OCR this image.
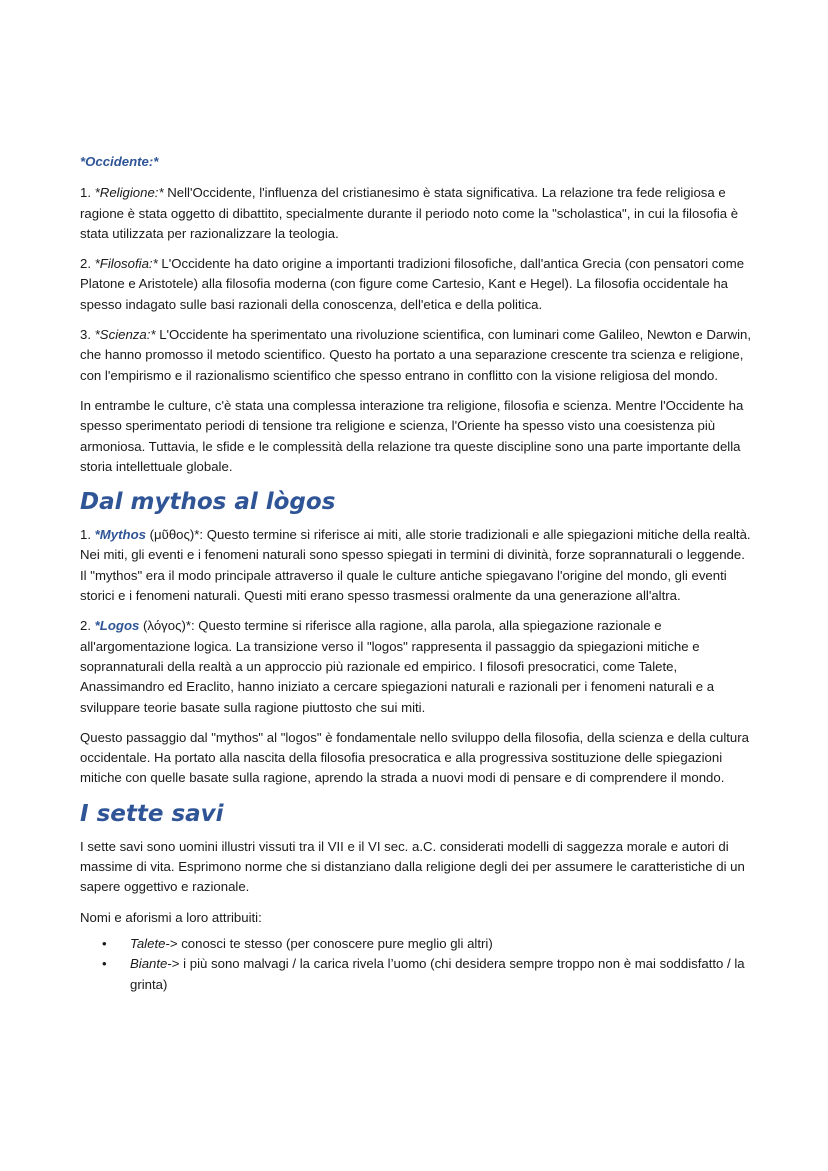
*Occidente:*

1. *Religione:* Nell'Occidente, l'influenza del cristianesimo è stata significativa. La relazione tra fede religiosa e ragione è stata oggetto di dibattito, specialmente durante il periodo noto come la "scholastica", in cui la filosofia è stata utilizzata per razionalizzare la teologia.

2. *Filosofia:* L'Occidente ha dato origine a importanti tradizioni filosofiche, dall'antica Grecia (con pensatori come Platone e Aristotele) alla filosofia moderna (con figure come Cartesio, Kant e Hegel). La filosofia occidentale ha spesso indagato sulle basi razionali della conoscenza, dell'etica e della politica.

3. *Scienza:* L'Occidente ha sperimentato una rivoluzione scientifica, con luminari come Galileo, Newton e Darwin, che hanno promosso il metodo scientifico. Questo ha portato a una separazione crescente tra scienza e religione, con l'empirismo e il razionalismo scientifico che spesso entrano in conflitto con la visione religiosa del mondo.

In entrambe le culture, c'è stata una complessa interazione tra religione, filosofia e scienza. Mentre l'Occidente ha spesso sperimentato periodi di tensione tra religione e scienza, l'Oriente ha spesso visto una coesistenza più armoniosa. Tuttavia, le sfide e le complessità della relazione tra queste discipline sono una parte importante della storia intellettuale globale.

Dal mythos al lògos

1. *Mythos (μῦθος)*: Questo termine si riferisce ai miti, alle storie tradizionali e alle spiegazioni mitiche della realtà. Nei miti, gli eventi e i fenomeni naturali sono spesso spiegati in termini di divinità, forze soprannaturali o leggende. Il "mythos" era il modo principale attraverso il quale le culture antiche spiegavano l'origine del mondo, gli eventi storici e i fenomeni naturali. Questi miti erano spesso trasmessi oralmente da una generazione all'altra.

2. *Logos (λόγος)*: Questo termine si riferisce alla ragione, alla parola, alla spiegazione razionale e all'argomentazione logica. La transizione verso il "logos" rappresenta il passaggio da spiegazioni mitiche e soprannaturali della realtà a un approccio più razionale ed empirico. I filosofi presocratici, come Talete, Anassimandro ed Eraclito, hanno iniziato a cercare spiegazioni naturali e razionali per i fenomeni naturali e a sviluppare teorie basate sulla ragione piuttosto che sui miti.

Questo passaggio dal "mythos" al "logos" è fondamentale nello sviluppo della filosofia, della scienza e della cultura occidentale. Ha portato alla nascita della filosofia presocratica e alla progressiva sostituzione delle spiegazioni mitiche con quelle basate sulla ragione, aprendo la strada a nuovi modi di pensare e di comprendere il mondo.

I sette savi

I sette savi sono uomini illustri vissuti tra il VII e il VI sec. a.C. considerati modelli di saggezza morale e autori di massime di vita. Esprimono norme che si distanziano dalla religione degli dei per assumere le caratteristiche di un sapere oggettivo e razionale.

Nomi e aforismi a loro attribuiti:

• Talete-> conosci te stesso (per conoscere pure meglio gli altri)
• Biante-> i più sono malvagi / la carica rivela l’uomo (chi desidera sempre troppo non è mai soddisfatto / la grinta)
